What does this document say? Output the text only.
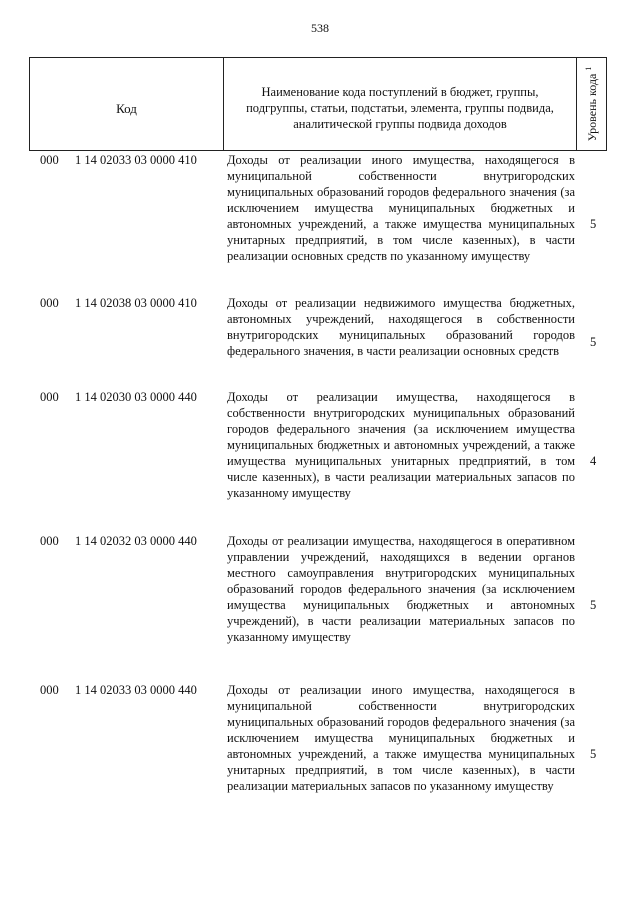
538
Код
Наименование кода поступлений в бюджет, группы, подгруппы, статьи, подстатьи, элемента, группы подвида, аналитической группы подвида доходов	Уровень кода $^1$
000 1 14 02033 03 0000 410 Доходы от реализации иного имущества, находящегося в муниципальной собственности внутригородских муниципальных образований городов федерального значения (за исключением имущества муниципальных бюджетных и автономных учреждений, а также имущества муниципальных унитарных предприятий, в том числе казенных), в части реализации основных средств по указанному имуществу
5
000 1 14 02038 03 0000 410 Доходы от реализации недвижимого имущества бюджетных, автономных учреждений, находящегося в собственности внутригородских муниципальных образований городов федерального значения, в части реализации основных средств
5
000 1 14 02030 03 0000 440 Доходы от реализации имущества, находящегося в собственности внутригородских муниципальных образований городов федерального значения (за исключением имущества муниципальных бюджетных и автономных учреждений, а также имущества муниципальных унитарных предприятий, в том числе казенных), в части реализации материальных запасов по указанному имуществу
4
000 1 14 02032 03 0000 440 Доходы от реализации имущества, находящегося в оперативном управлении учреждений, находящихся в ведении органов местного самоуправления внутригородских муниципальных образований городов федерального значения (за исключением имущества муниципальных бюджетных и автономных учреждений), в части реализации материальных запасов по указанному имуществу
5
000 1 14 02033 03 0000 440 Доходы от реализации иного имущества, находящегося в муниципальной собственности внутригородских муниципальных образований городов федерального значения (за исключением имущества муниципальных бюджетных и автономных учреждений, а также имущества муниципальных унитарных предприятий, в том числе казенных), в части реализации материальных запасов по указанному имуществу
5
